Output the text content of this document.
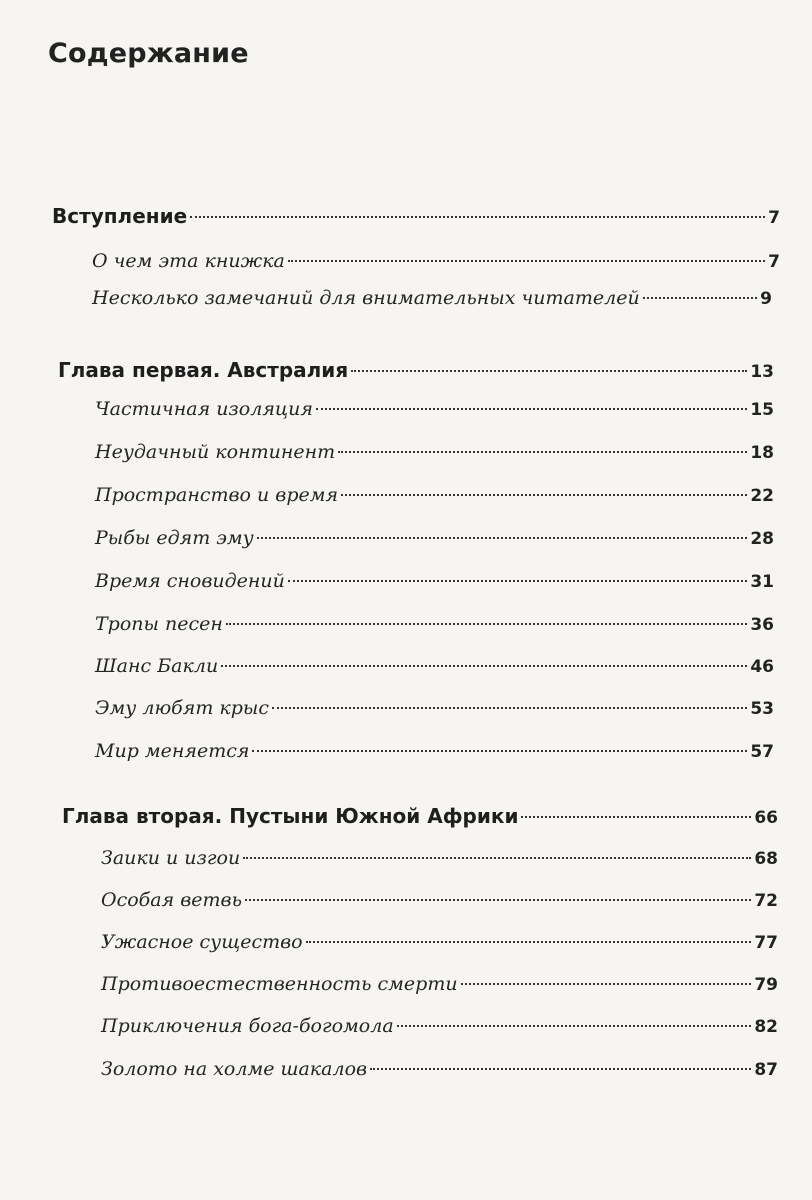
Содержание
Вступление	7
О чем эта книжка	7
Несколько замечаний для внимательных читателей	9
Глава первая. Австралия	13
Частичная изоляция	15
Неудачный континент	18
Пространство и время	22
Рыбы едят эму	28
Время сновидений	31
Тропы песен	36
Шанс Бакли	46
Эму любят крыс	53
Мир меняется	57
Глава вторая. Пустыни Южной Африки	66
Заики и изгои	68
Особая ветвь	72
Ужасное существо	77
Противоестественность смерти	79
Приключения бога-богомола	82
Золото на холме шакалов	87
